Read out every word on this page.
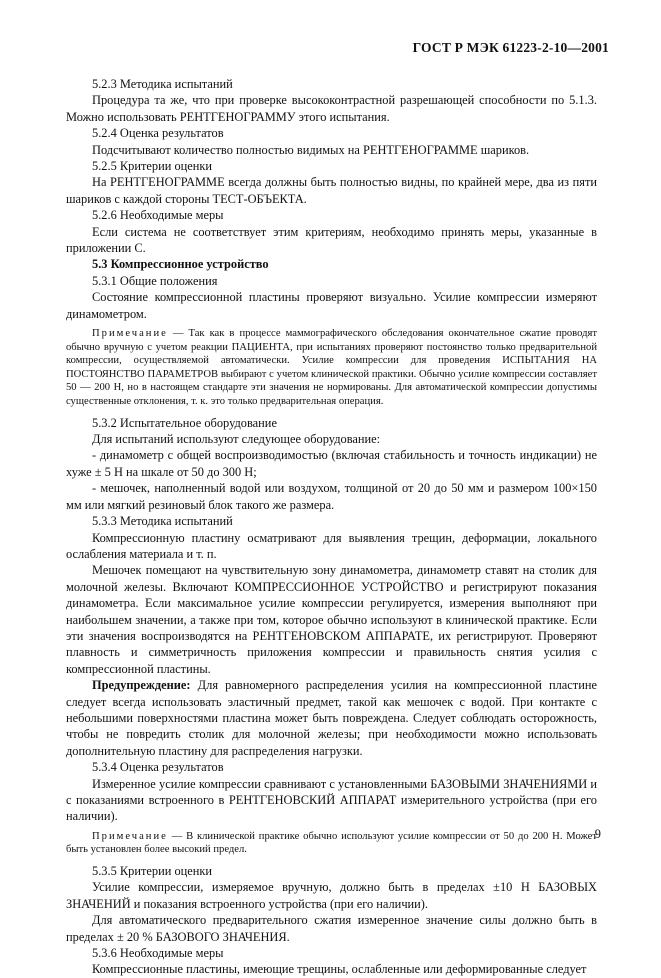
ГОСТ Р МЭК 61223-2-10—2001

5.2.3 Методика испытаний

Процедура та же, что при проверке высококонтрастной разрешающей способности по 5.1.3. Можно использовать РЕНТГЕНОГРАММУ этого испытания.

5.2.4 Оценка результатов

Подсчитывают количество полностью видимых на РЕНТГЕНОГРАММЕ шариков.

5.2.5 Критерии оценки

На РЕНТГЕНОГРАММЕ всегда должны быть полностью видны, по крайней мере, два из пяти шариков с каждой стороны ТЕСТ-ОБЪЕКТА.

5.2.6 Необходимые меры

Если система не соответствует этим критериям, необходимо принять меры, указанные в приложении С.

5.3 Компрессионное устройство

5.3.1 Общие положения

Состояние компрессионной пластины проверяют визуально. Усилие компрессии измеряют динамометром.

Примечание — Так как в процессе маммографического обследования окончательное сжатие проводят обычно вручную с учетом реакции ПАЦИЕНТА, при испытаниях проверяют постоянство только предварительной компрессии, осуществляемой автоматически. Усилие компрессии для проведения ИСПЫТАНИЯ НА ПОСТОЯНСТВО ПАРАМЕТРОВ выбирают с учетом клинической практики. Обычно усилие компрессии составляет 50 — 200 Н, но в настоящем стандарте эти значения не нормированы. Для автоматической компрессии допустимы существенные отклонения, т. к. это только предварительная операция.

5.3.2 Испытательное оборудование

Для испытаний используют следующее оборудование:

- динамометр с общей воспроизводимостью (включая стабильность и точность индикации) не хуже ± 5 Н на шкале от 50 до 300 Н;

- мешочек, наполненный водой или воздухом, толщиной от 20 до 50 мм и размером 100×150 мм или мягкий резиновый блок такого же размера.

5.3.3 Методика испытаний

Компрессионную пластину осматривают для выявления трещин, деформации, локального ослабления материала и т. п.

Мешочек помещают на чувствительную зону динамометра, динамометр ставят на столик для молочной железы. Включают КОМПРЕССИОННОЕ УСТРОЙСТВО и регистрируют показания динамометра. Если максимальное усилие компрессии регулируется, измерения выполняют при наибольшем значении, а также при том, которое обычно используют в клинической практике. Если эти значения воспроизводятся на РЕНТГЕНОВСКОМ АППАРАТЕ, их регистрируют. Проверяют плавность и симметричность приложения компрессии и правильность снятия усилия с компрессионной пластины.

Предупреждение: Для равномерного распределения усилия на компрессионной пластине следует всегда использовать эластичный предмет, такой как мешочек с водой. При контакте с небольшими поверхностями пластина может быть повреждена. Следует соблюдать осторожность, чтобы не повредить столик для молочной железы; при необходимости можно использовать дополнительную пластину для распределения нагрузки.

5.3.4 Оценка результатов

Измеренное усилие компрессии сравнивают с установленными БАЗОВЫМИ ЗНАЧЕНИЯМИ и с показаниями встроенного в РЕНТГЕНОВСКИЙ АППАРАТ измерительного устройства (при его наличии).

Примечание — В клинической практике обычно используют усилие компрессии от 50 до 200 Н. Может быть установлен более высокий предел.

5.3.5 Критерии оценки

Усилие компрессии, измеряемое вручную, должно быть в пределах ±10 Н БАЗОВЫХ ЗНАЧЕНИЙ и показания встроенного устройства (при его наличии).

Для автоматического предварительного сжатия измеренное значение силы должно быть в пределах ± 20 % БАЗОВОГО ЗНАЧЕНИЯ.

5.3.6 Необходимые меры

Компрессионные пластины, имеющие трещины, ослабленные или деформированные следует

9
